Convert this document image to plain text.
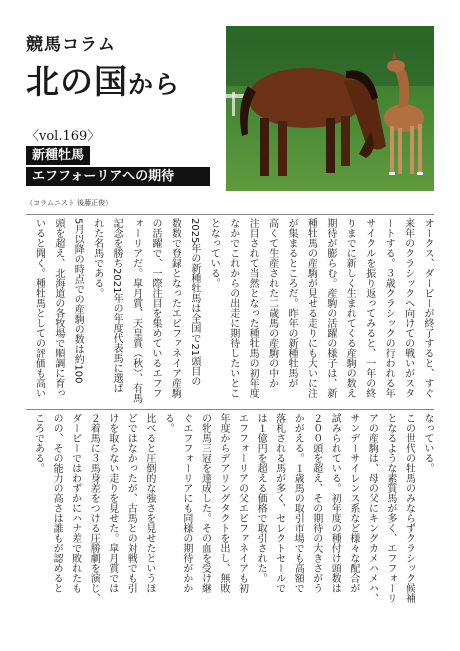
競馬コラム
北の国から
〈vol.169〉
新種牡馬
エフフォーリアへの期待
（コラムニスト 後藤正俊）
オークス、ダービーが終了すると、すぐ
来年のクラシックへ向けての戦いがスタ
ートする。３歳クラシックの行われる年
サイクルを振り返ってみると、一年の終
りまでに新しく生まれてくる産駒の数え
期待が膨らむ。産駒の活躍の様子は、新
種牡馬の産駒が見せる走りにも大いに注
が集まるところだ。昨年の新種牡馬が
高くて生産された二歳馬の産駒の中か
注目されて当然となった種牡馬の初年度
なかでこれからの出走に期待したいとこ
となっている。
2025年の新種牡馬は全国で21頭目の
数数で登録となったエピファネイア産駒
の活躍で、一際注目を集めているエフフ
ォーリアだ。皐月賞、天皇賞（秋）、有馬
記念を勝ち2021年の年度代表馬に選ば
れた名馬である。
5月以降の時点での産駒の数は約100
頭を超え、北海道の各牧場で順調に育っ
いると聞く。種牡馬としての評価も高い
なっている。
この世代の牡馬のみならずクラシック候補
となるような素質馬が多く、エフフォーリ
アの産駒は、母の父にキングカメハメハ、
サンデーサイレンス系など様々な配合が
試みられている。初年度の種付け頭数は
２００頭を超え、その期待の大きさがう
かがえる。１歳馬の取引市場でも高額で
落札される馬が多く、セレクトセールで
は１億円を超える価格で取引された。
エフフォーリアの父エピファネイアも初
年度からデアリングタクトを出し、無敗
の牝馬三冠を達成した。その血を受け継
ぐエフフォーリアにも同様の期待がかか
る。
比べると圧倒的な強さを見せたというほ
どではなかったが、古馬との対戦でも引
けを取らない走りを見せた。皐月賞では
２着馬に３馬身差をつける圧勝劇を演じ、
ダービーではわずかにハナ差で敗れたも
のの、その能力の高さは誰もが認めると
ころである。
